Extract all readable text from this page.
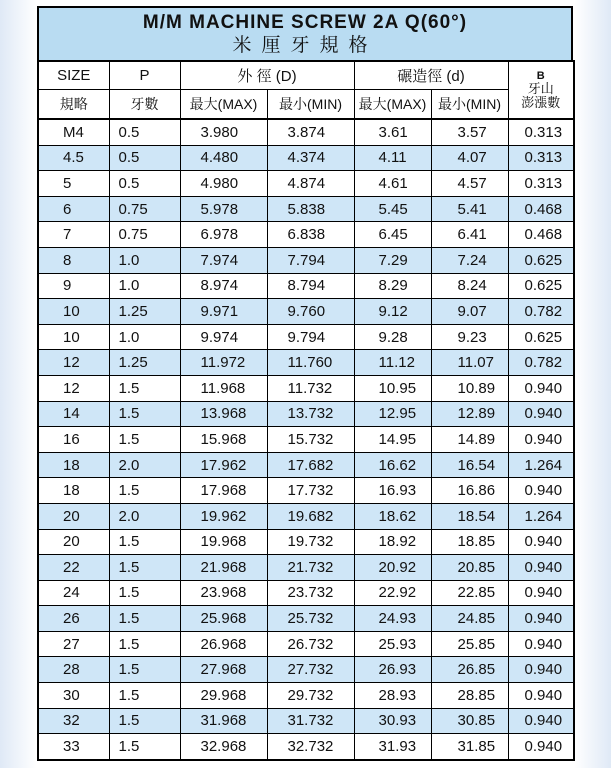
M/M MACHINE SCREW 2A Q(60°)
米厘牙規格
SIZE	P	外 徑 (D)		碾造徑 (d)		B
牙山
澎漲數

規略	牙數	最大(MAX)	最小(MIN)	最大(MAX)	最小(MIN)	
M4	0.5	3.980	3.874	3.61	3.57	0.313
4.5	0.5	4.480	4.374	4.11	4.07	0.313
5	0.5	4.980	4.874	4.61	4.57	0.313
6	0.75	5.978	5.838	5.45	5.41	0.468
7	0.75	6.978	6.838	6.45	6.41	0.468
8	1.0	7.974	7.794	7.29	7.24	0.625
9	1.0	8.974	8.794	8.29	8.24	0.625
10	1.25	9.971	9.760	9.12	9.07	0.782
10	1.0	9.974	9.794	9.28	9.23	0.625
12	1.25	11.972	11.760	11.12	11.07	0.782
12	1.5	11.968	11.732	10.95	10.89	0.940
14	1.5	13.968	13.732	12.95	12.89	0.940
16	1.5	15.968	15.732	14.95	14.89	0.940
18	2.0	17.962	17.682	16.62	16.54	1.264
18	1.5	17.968	17.732	16.93	16.86	0.940
20	2.0	19.962	19.682	18.62	18.54	1.264
20	1.5	19.968	19.732	18.92	18.85	0.940
22	1.5	21.968	21.732	20.92	20.85	0.940
24	1.5	23.968	23.732	22.92	22.85	0.940
26	1.5	25.968	25.732	24.93	24.85	0.940
27	1.5	26.968	26.732	25.93	25.85	0.940
28	1.5	27.968	27.732	26.93	26.85	0.940
30	1.5	29.968	29.732	28.93	28.85	0.940
32	1.5	31.968	31.732	30.93	30.85	0.940
33	1.5	32.968	32.732	31.93	31.85	0.940
